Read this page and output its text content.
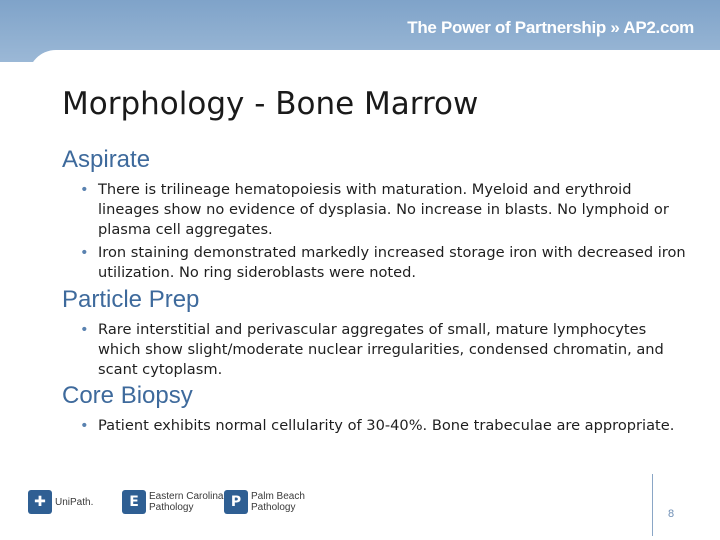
The Power of Partnership » AP2.com
Morphology - Bone Marrow
Aspirate
• There is trilineage hematopoiesis with maturation. Myeloid and erythroid lineages show no evidence of dysplasia. No increase in blasts. No lymphoid or plasma cell aggregates.
• Iron staining demonstrated markedly increased storage iron with decreased iron utilization. No ring sideroblasts were noted.
Particle Prep
• Rare interstitial and perivascular aggregates of small, mature lymphocytes which show slight/moderate nuclear irregularities, condensed chromatin, and scant cytoplasm.
Core Biopsy
• Patient exhibits normal cellularity of 30-40%. Bone trabeculae are appropriate.
✚ UniPath.	E	Eastern Carolina
Pathology	P Palm Beach
Pathology
8
